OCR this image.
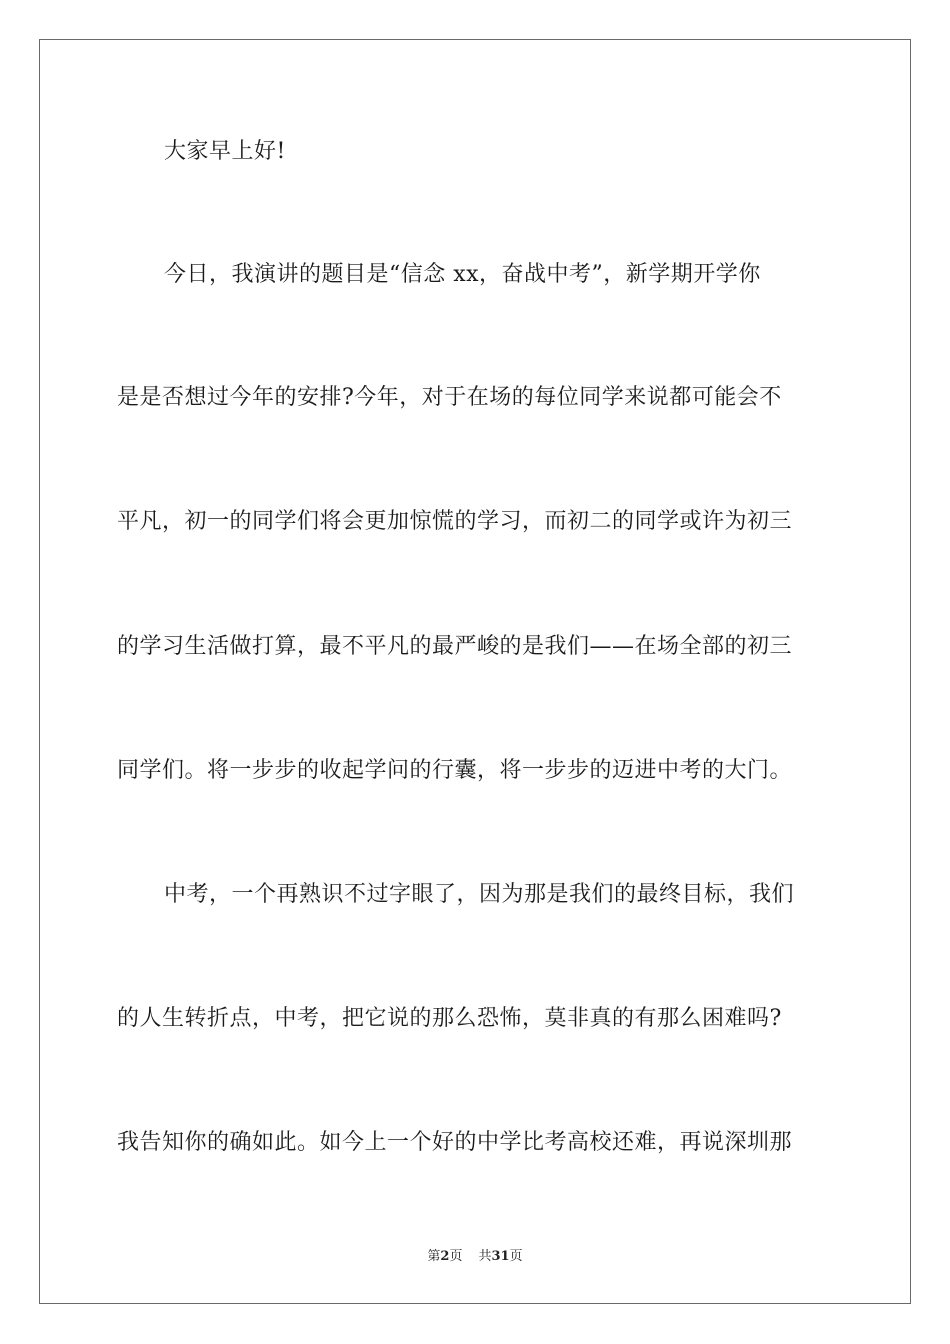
大家早上好!
今日，我演讲的题目是“信念 xx，奋战中考”，新学期开学你
是是否想过今年的安排?今年，对于在场的每位同学来说都可能会不
平凡，初一的同学们将会更加惊慌的学习，而初二的同学或许为初三
的学习生活做打算，最不平凡的最严峻的是我们——在场全部的初三
同学们。将一步步的收起学问的行囊，将一步步的迈进中考的大门。
中考，一个再熟识不过字眼了，因为那是我们的最终目标，我们
的人生转折点，中考，把它说的那么恐怖，莫非真的有那么困难吗?
我告知你的确如此。如今上一个好的中学比考高校还难，再说深圳那
第2页 共31页
